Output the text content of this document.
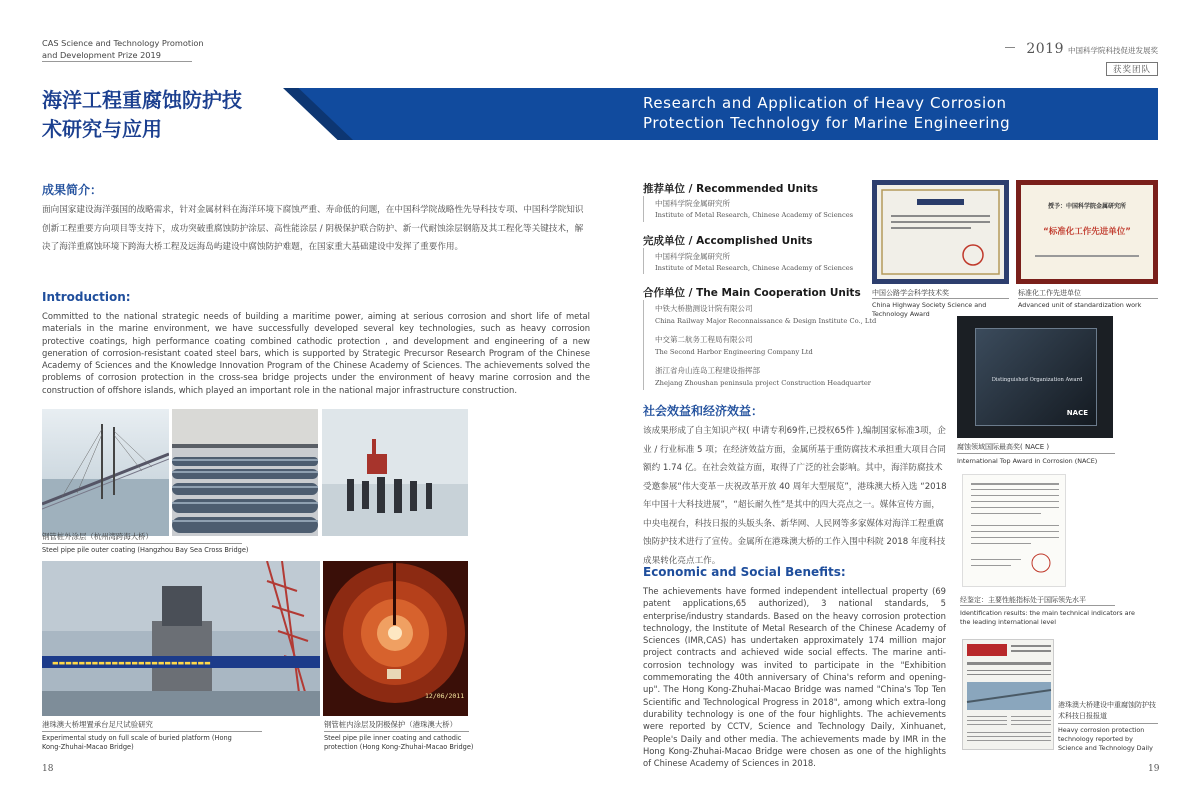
CAS Science and Technology Promotion
and Development Prize 2019	2019 中国科学院科技促进发展奖
获奖团队
海洋工程重腐蚀防护技
术研究与应用
Research and Application of Heavy Corrosion
Protection Technology for Marine Engineering
成果简介：
面向国家建设海洋强国的战略需求，针对金属材料在海洋环境下腐蚀严重、寿命低的问题，在中国科学院战略性先导科技专项、中国科学院知识创新工程重要方向项目等支持下，成功突破重腐蚀防护涂层、高性能涂层 / 阴极保护联合防护、新一代耐蚀涂层钢筋及其工程化等关键技术，解决了海洋重腐蚀环境下跨海大桥工程及远海岛屿建设中腐蚀防护难题，在国家重大基础建设中发挥了重要作用。
Introduction:
Committed to the national strategic needs of building a maritime power, aiming at serious corrosion and short life of metal materials in the marine environment, we have successfully developed several key technologies, such as heavy corrosion protective coatings, high performance coating combined cathodic protection , and development and engineering of a new generation of corrosion-resistant coated steel bars, which is supported by Strategic Precursor Research Program of the Chinese Academy of Sciences and the Knowledge Innovation Program of the Chinese Academy of Sciences. The achievements solved the problems of corrosion protection in the cross-sea bridge projects under the environment of heavy marine corrosion and the construction of offshore islands, which played an important role in the national major infrastructure construction.
钢管桩外涂层（杭州湾跨海大桥）
Steel pipe pile outer coating (Hangzhou Bay Sea Cross Bridge)
▬▬▬▬▬▬▬▬▬▬▬▬▬▬▬▬▬▬▬▬▬▬▬▬
12/06/2011
港珠澳大桥埋置承台足尺试验研究
Experimental study on full scale of buried platform (Hong Kong-Zhuhai-Macao Bridge)
钢管桩内涂层及阴极保护（港珠澳大桥）
Steel pipe pile inner coating and cathodic protection (Hong Kong-Zhuhai-Macao Bridge)
18
推荐单位 / Recommended Units
中国科学院金属研究所
Institute of Metal Research, Chinese Academy of Sciences
完成单位 / Accomplished Units
中国科学院金属研究所
Institute of Metal Research, Chinese Academy of Sciences
合作单位 / The Main Cooperation Units
中铁大桥勘测设计院有限公司
China Railway Major Reconnaissance & Design Institute Co., Ltd
中交第二航务工程局有限公司
The Second Harbor Engineering Company Ltd
浙江省舟山连岛工程建设指挥部
Zhejang Zhoushan peninsula project Construction Headquarter
社会效益和经济效益：
该成果形成了自主知识产权( 申请专利69件,已授权65件 ),编制国家标准3项，企业 / 行业标准 5 项；在经济效益方面，金属所基于重防腐技术承担重大项目合同额约 1.74 亿。在社会效益方面，取得了广泛的社会影响。其中，海洋防腐技术受邀参展“伟大变革－庆祝改革开放 40 周年大型展览”，港珠澳大桥入选 “2018 年中国十大科技进展”，“超长耐久性”是其中的四大亮点之一。媒体宣传方面，中央电视台，科技日报的头版头条、新华网、人民网等多家媒体对海洋工程重腐蚀防护技术进行了宣传。金属所在港珠澳大桥的工作入围中科院 2018 年度科技成果转化亮点工作。
Economic and Social Benefits:
The achievements have formed independent intellectual property (69 patent applications,65 authorized), 3 national standards, 5 enterprise/industry standards. Based on the heavy corrosion protection technology, the Institute of Metal Research of the Chinese Academy of Sciences (IMR,CAS) has undertaken approximately 174 million major project contracts and achieved wide social effects. The marine anti-corrosion technology was invited to participate in the "Exhibition commemorating the 40th anniversary of China's reform and opening-up". The Hong Kong-Zhuhai-Macao Bridge was named "China's Top Ten Scientific and Technological Progress in 2018", among which extra-long durability technology is one of the four highlights. The achievements were reported by CCTV, Science and Technology Daily, Xinhuanet, People's Daily and other media. The achievements made by IMR in the Hong Kong-Zhuhai-Macao Bridge were chosen as one of the highlights of Chinese Academy of Sciences in 2018.
中国公路学会科学技术奖
China Highway Society Science and Technology Award
授予：中国科学院金属研究所
“标准化工作先进单位”
标准化工作先进单位
Advanced unit of standardization work
Distinguished Organization Award
NACE
腐蚀领域国际最高奖( NACE )
International Top Award in Corrosion (NACE)
经鉴定：主要性能指标处于国际领先水平
Identification results: the main technical indicators are the leading international level
港珠澳大桥建设中重腐蚀防护技术科技日报报道
Heavy corrosion protection technology reported by Science and Technology Daily
19
